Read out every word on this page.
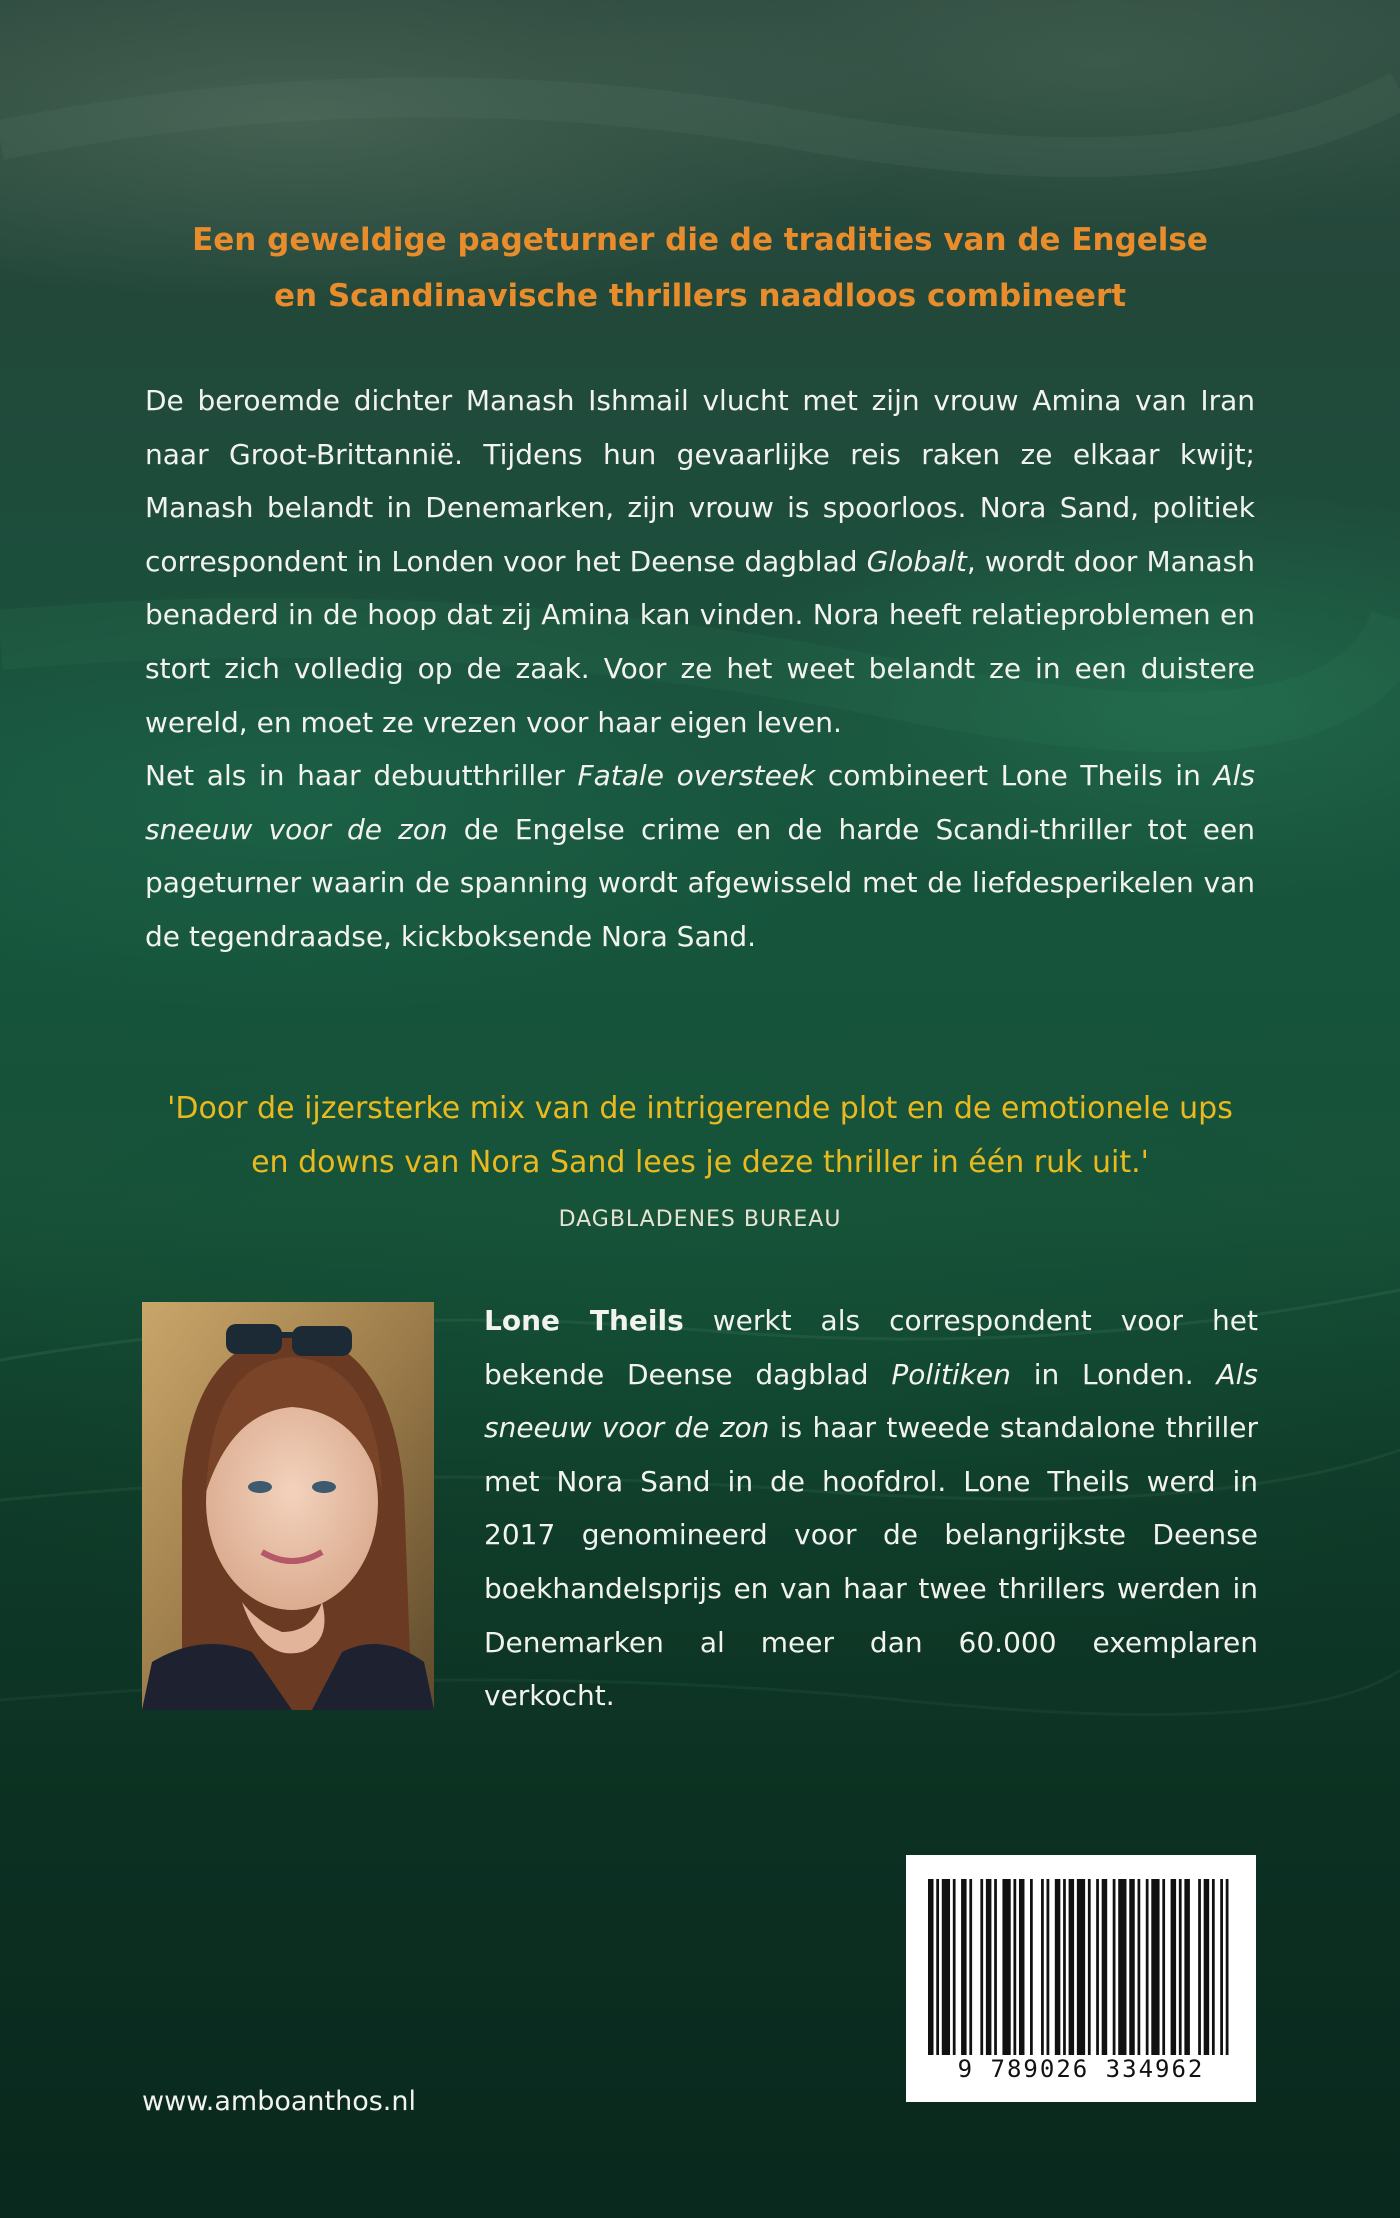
Een geweldige pageturner die de tradities van de Engelse
en Scandinavische thrillers naadloos combineert

De beroemde dichter Manash Ishmail vlucht met zijn vrouw Amina van Iran naar Groot-Brittannië. Tijdens hun gevaarlijke reis raken ze elkaar kwijt; Manash belandt in Denemarken, zijn vrouw is spoorloos. Nora Sand, politiek correspondent in Londen voor het Deense dagblad Globalt, wordt door Manash benaderd in de hoop dat zij Amina kan vinden. Nora heeft relatieproblemen en stort zich volledig op de zaak. Voor ze het weet belandt ze in een duistere wereld, en moet ze vrezen voor haar eigen leven.

Net als in haar debuutthriller Fatale oversteek combineert Lone Theils in Als sneeuw voor de zon de Engelse crime en de harde Scandi-thriller tot een pageturner waarin de spanning wordt afgewisseld met de liefdesperikelen van de tegendraadse, kickboksende Nora Sand.

'Door de ijzersterke mix van de intrigerende plot en de emotionele ups en downs van Nora Sand lees je deze thriller in één ruk uit.' DAGBLADENES BUREAU

Lone Theils werkt als correspondent voor het bekende Deense dagblad Politiken in Londen. Als sneeuw voor de zon is haar tweede standalone thriller met Nora Sand in de hoofdrol. Lone Theils werd in 2017 genomineerd voor de belangrijkste Deense boekhandelsprijs en van haar twee thrillers werden in Denemarken al meer dan 60.000 exemplaren verkocht.

9 789026 334962
www.amboanthos.nl
